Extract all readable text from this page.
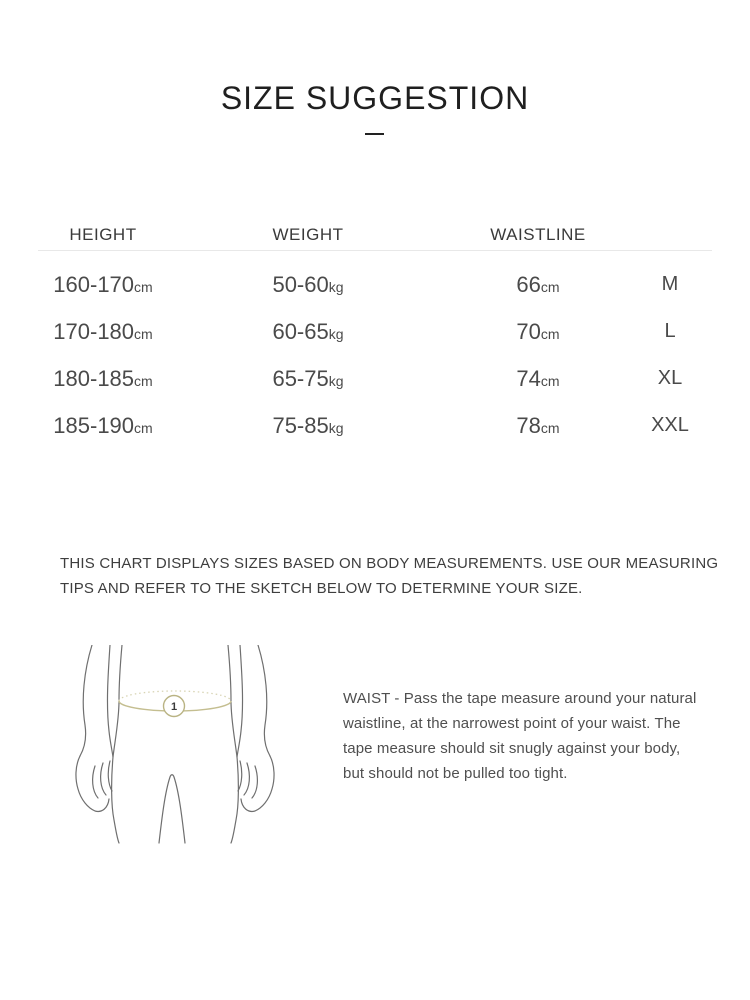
SIZE SUGGESTION
HEIGHT	WEIGHT	WAISTLINE
160-170cm	50-60kg	66cm	M
170-180cm	60-65kg	70cm	L
180-185cm	65-75kg	74cm	XL
185-190cm	75-85kg	78cm	XXL
THIS CHART DISPLAYS SIZES BASED ON BODY MEASUREMENTS. USE OUR MEASURING
TIPS AND REFER TO THE SKETCH BELOW TO DETERMINE YOUR SIZE.
1	WAIST - Pass the tape measure around your natural
waistline, at the narrowest point of your waist. The
tape measure should sit snugly against your body,
but should not be pulled too tight.
